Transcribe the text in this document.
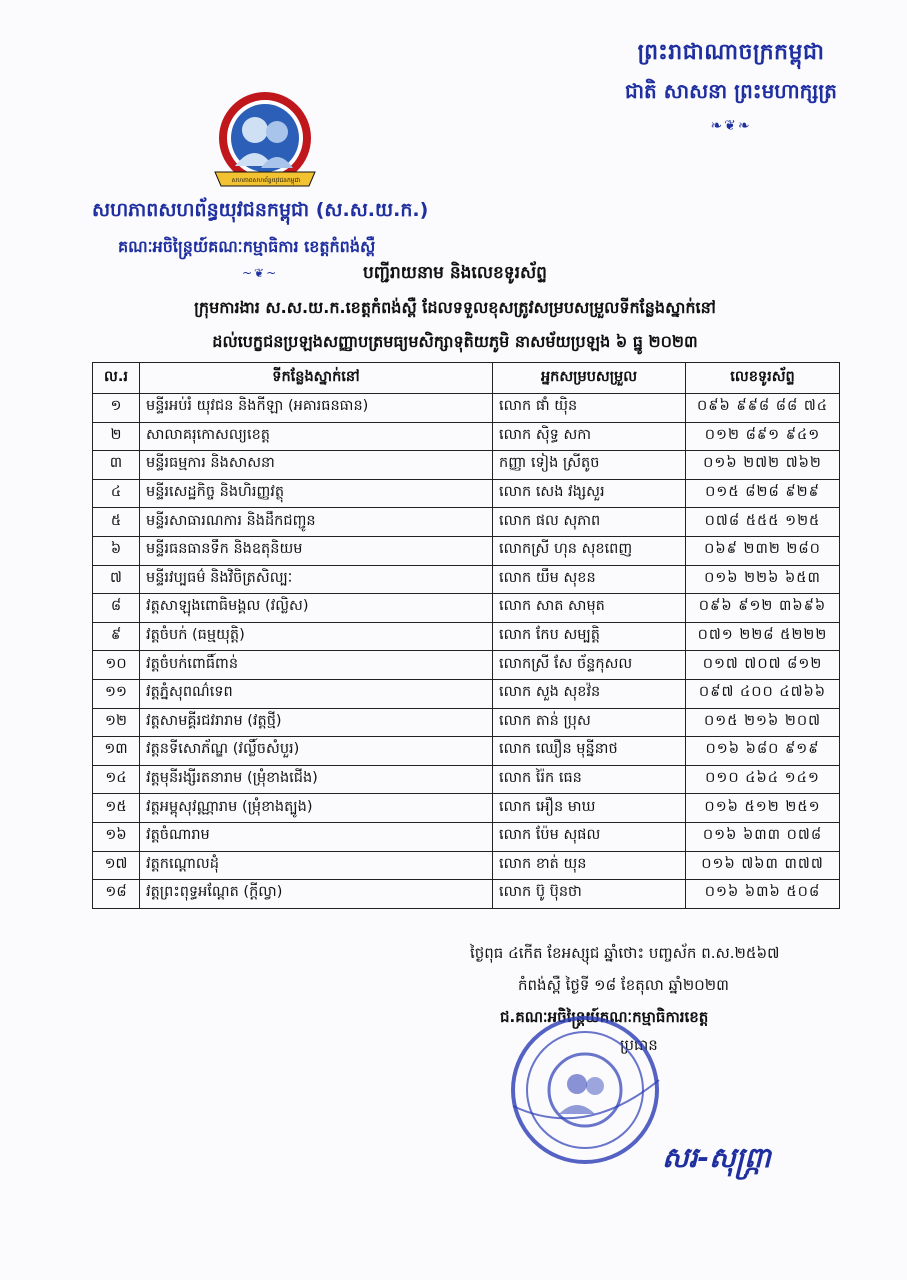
ព្រះរាជាណាចក្រកម្ពុជា
ជាតិ សាសនា ព្រះមហាក្សត្រ
❧❦❧
សហភាពសហព័ន្ធយុវជនកម្ពុជា
សហភាពសហព័ន្ធយុវជនកម្ពុជា (ស.ស.យ.ក.)
គណៈអចិន្ត្រៃយ៍គណៈកម្មាធិការ ខេត្តកំពង់ស្ពឺ
~❦~	បញ្ជីរាយនាម និងលេខទូរស័ព្ទ
ក្រុមការងារ ស.ស.យ.ក.ខេត្តកំពង់ស្ពឺ ដែលទទួលខុសត្រូវសម្របសម្រួលទីកន្លែងស្នាក់នៅ
ដល់បេក្ខជនប្រឡងសញ្ញាបត្រមធ្យមសិក្សាទុតិយភូមិ នាសម័យប្រឡង ៦ ធ្នូ ២០២៣
ល.រ	ទីកន្លែងស្នាក់នៅ	អ្នកសម្របសម្រួល	លេខទូរស័ព្ទ
១	មន្ទីរអប់រំ យុវជន និងកីឡា (អគារធនធាន)	លោក ផាំ យ៉ិន	០៩៦ ៩៩៨ ៨៨ ៧៤
២	សាលាគរុកោសល្យខេត្ត	លោក ស៊ិទ្ធ សកា	០១២ ៨៩១ ៩៤១
៣	មន្ទីរធម្មការ និងសាសនា	កញ្ញា ទៀង ស្រីតូច	០១៦ ២៧២ ៧៦២
៤	មន្ទីរសេដ្ឋកិច្ច និងហិរញ្ញវត្ថុ	លោក សេង វង្សសួរ	០១៥ ៨២៨ ៩២៩
៥	មន្ទីរសាធារណការ និងដឹកជញ្ជូន	លោក ផល សុភាព	០៧៨ ៥៥៥ ១២៥
៦	មន្ទីរធនធានទឹក និងឧតុនិយម	លោកស្រី ហុន សុខពេញ	០៦៩ ២៣២ ២៨០
៧	មន្ទីរវប្បធម៌ និងវិចិត្រសិល្បៈ	លោក យឹម សុខន	០១៦ ២២៦ ៦៥៣
៨	វត្តសាឡុងពោធិមង្គល (វល្លិស)	លោក សាត សាមុត	០៩៦ ៩១២ ៣៦៩៦
៩	វត្តចំបក់ (ធម្មយុត្តិ)	លោក កែប សម្បត្តិ	០៧១ ២២៨ ៥២២២
១០	វត្តចំបក់ពោធិ៍ពាន់	លោកស្រី សែ ច័ន្ទកុសល	០១៧ ៧០៧ ៨១២
១១	វត្តភ្នំសុពណ៌ទេព	លោក សួង សុខវ៉ន	០៩៧ ៤០០ ៤៧៦៦
១២	វត្តសាមគ្គីរជវរារាម (វត្តថ្មី)	លោក តាន់ ប្រុស	០១៥ ២១៦ ២០៧
១៣	វត្តនទីសោភ័ណ្ឌ (វល្លិ៍ចសំបួរ)	លោក ឈឿន មុន្នីនាថ	០១៦ ៦៨០ ៩១៩
១៤	វត្តមុនីរង្សីរតនារាម (ម្រុំខាងជើង)	លោក រ៉ៃក ធេន	០១០ ៤៦៤ ១៤១
១៥	វត្តអម្ពុសុវណ្ណារាម (ម្រុំខាងត្បូង)	លោក អឿន មាឃ	០១៦ ៥១២ ២៥១
១៦	វត្តចំណារាម	លោក ប៉ែម សុផល	០១៦ ៦៣៣ ០៧៨
១៧	វត្តកណ្តោលដុំ	លោក ខាត់ យុន	០១៦ ៧៦៣ ៣៧៧
១៨	វត្តព្រះពុទ្ធអណ្តែត (ក្តីល្វា)	លោក ប៊ូ ប៊ុនថា	០១៦ ៦៣៦ ៥០៨
ថ្ងៃពុធ ៤កើត ខែអស្សុជ ឆ្នាំថោះ បញ្ចស័ក ព.ស.២៥៦៧
កំពង់ស្ពឺ ថ្ងៃទី ១៨ ខែតុលា ឆ្នាំ២០២៣
ជ.គណៈអចិន្ត្រៃយ៍គណៈកម្មាធិការខេត្ត
ប្រធាន
សរ-សុព្រ្កា
